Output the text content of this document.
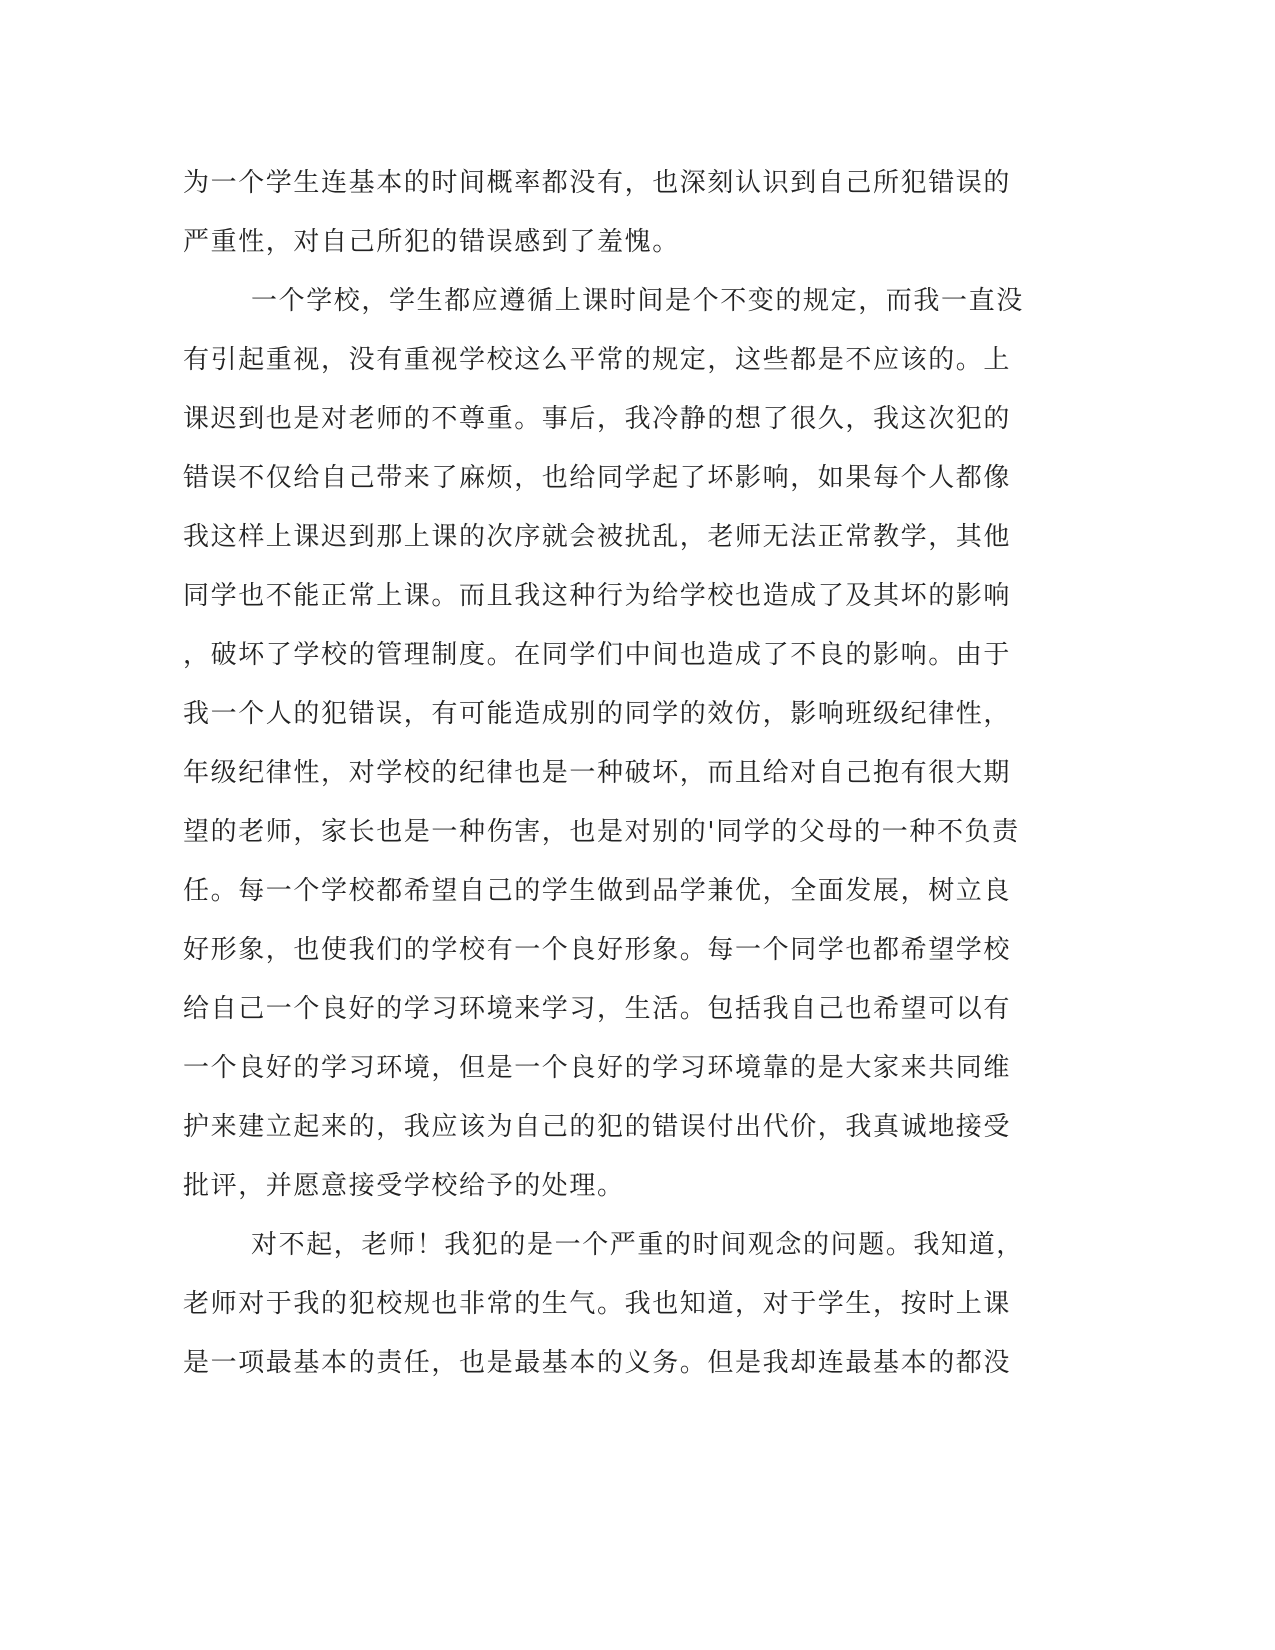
为一个学生连基本的时间概率都没有，也深刻认识到自己所犯错误的
严重性，对自己所犯的错误感到了羞愧。
一个学校，学生都应遵循上课时间是个不变的规定，而我一直没
有引起重视，没有重视学校这么平常的规定，这些都是不应该的。上
课迟到也是对老师的不尊重。事后，我冷静的想了很久，我这次犯的
错误不仅给自己带来了麻烦，也给同学起了坏影响，如果每个人都像
我这样上课迟到那上课的次序就会被扰乱，老师无法正常教学，其他
同学也不能正常上课。而且我这种行为给学校也造成了及其坏的影响
，破坏了学校的管理制度。在同学们中间也造成了不良的影响。由于
我一个人的犯错误，有可能造成别的同学的效仿，影响班级纪律性，
年级纪律性，对学校的纪律也是一种破坏，而且给对自己抱有很大期
望的老师，家长也是一种伤害，也是对别的'同学的父母的一种不负责
任。每一个学校都希望自己的学生做到品学兼优，全面发展，树立良
好形象，也使我们的学校有一个良好形象。每一个同学也都希望学校
给自己一个良好的学习环境来学习，生活。包括我自己也希望可以有
一个良好的学习环境，但是一个良好的学习环境靠的是大家来共同维
护来建立起来的，我应该为自己的犯的错误付出代价，我真诚地接受
批评，并愿意接受学校给予的处理。
对不起，老师！我犯的是一个严重的时间观念的问题。我知道，
老师对于我的犯校规也非常的生气。我也知道，对于学生，按时上课
是一项最基本的责任，也是最基本的义务。但是我却连最基本的都没
